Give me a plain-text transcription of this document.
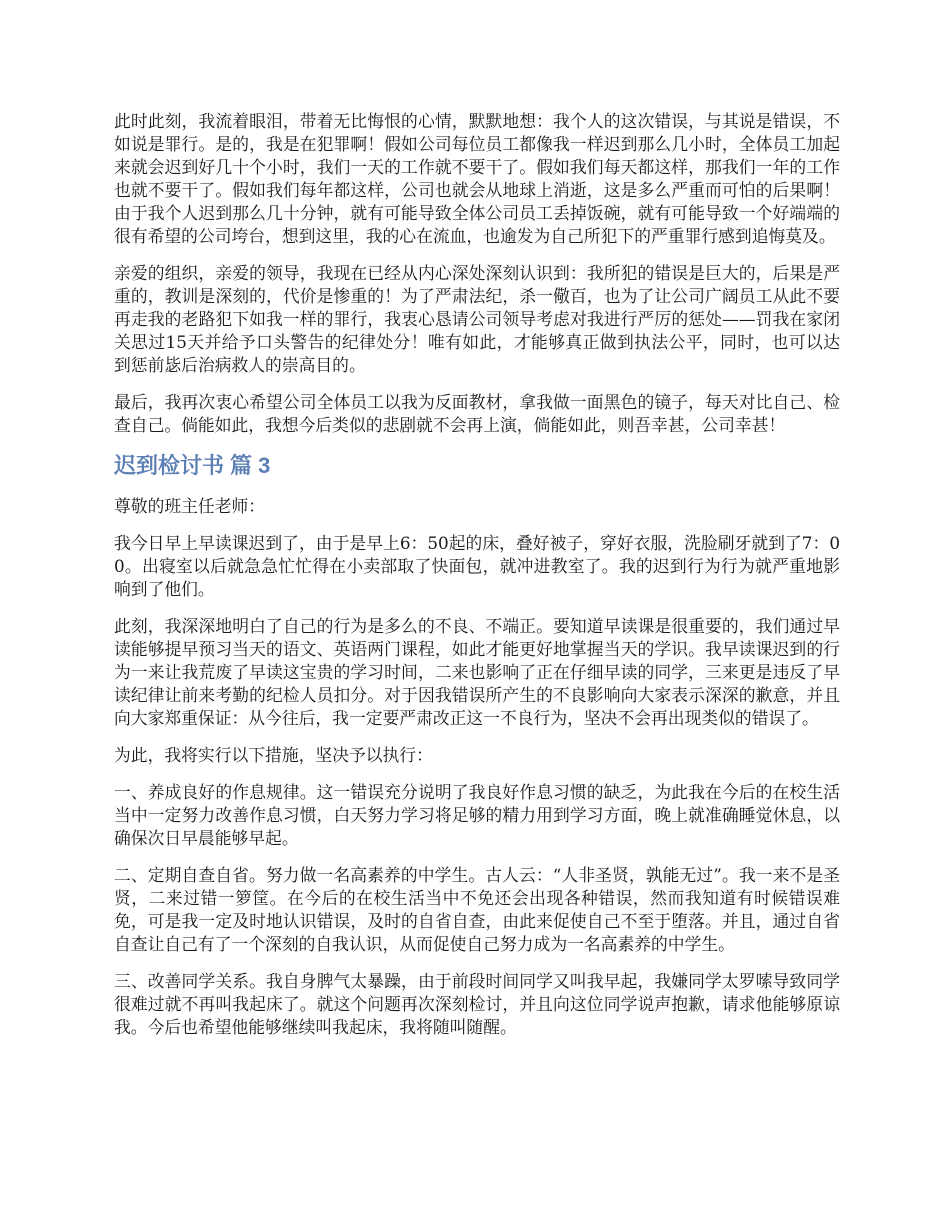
此时此刻，我流着眼泪，带着无比悔恨的心情，默默地想：我个人的这次错误，与其说是错误，不如说是罪行。是的，我是在犯罪啊！假如公司每位员工都像我一样迟到那么几小时，全体员工加起来就会迟到好几十个小时，我们一天的工作就不要干了。假如我们每天都这样，那我们一年的工作也就不要干了。假如我们每年都这样，公司也就会从地球上消逝，这是多么严重而可怕的后果啊！由于我个人迟到那么几十分钟，就有可能导致全体公司员工丢掉饭碗，就有可能导致一个好端端的很有希望的公司垮台，想到这里，我的心在流血，也逾发为自己所犯下的严重罪行感到追悔莫及。

亲爱的组织，亲爱的领导，我现在已经从内心深处深刻认识到：我所犯的错误是巨大的，后果是严重的，教训是深刻的，代价是惨重的！为了严肃法纪，杀一儆百，也为了让公司广阔员工从此不要再走我的老路犯下如我一样的罪行，我衷心恳请公司领导考虑对我进行严厉的惩处——罚我在家闭关思过15天并给予口头警告的纪律处分！唯有如此，才能够真正做到执法公平，同时，也可以达到惩前毖后治病救人的崇高目的。

最后，我再次衷心希望公司全体员工以我为反面教材，拿我做一面黑色的镜子，每天对比自己、检查自己。倘能如此，我想今后类似的悲剧就不会再上演，倘能如此，则吾幸甚，公司幸甚！

迟到检讨书 篇 3

尊敬的班主任老师：

我今日早上早读课迟到了，由于是早上6：50起的床，叠好被子，穿好衣服，洗脸刷牙就到了7：00。出寝室以后就急急忙忙得在小卖部取了快面包，就冲进教室了。我的迟到行为行为就严重地影响到了他们。

此刻，我深深地明白了自己的行为是多么的不良、不端正。要知道早读课是很重要的，我们通过早读能够提早预习当天的语文、英语两门课程，如此才能更好地掌握当天的学识。我早读课迟到的行为一来让我荒废了早读这宝贵的学习时间，二来也影响了正在仔细早读的同学，三来更是违反了早读纪律让前来考勤的纪检人员扣分。对于因我错误所产生的不良影响向大家表示深深的歉意，并且向大家郑重保证：从今往后，我一定要严肃改正这一不良行为，坚决不会再出现类似的错误了。

为此，我将实行以下措施，坚决予以执行：

一、养成良好的作息规律。这一错误充分说明了我良好作息习惯的缺乏，为此我在今后的在校生活当中一定努力改善作息习惯，白天努力学习将足够的精力用到学习方面，晚上就准确睡觉休息，以确保次日早晨能够早起。

二、定期自查自省。努力做一名高素养的中学生。古人云：“人非圣贤，孰能无过”。我一来不是圣贤，二来过错一箩筐。在今后的在校生活当中不免还会出现各种错误，然而我知道有时候错误难免，可是我一定及时地认识错误，及时的自省自查，由此来促使自己不至于堕落。并且，通过自省自查让自己有了一个深刻的自我认识，从而促使自己努力成为一名高素养的中学生。

三、改善同学关系。我自身脾气太暴躁，由于前段时间同学又叫我早起，我嫌同学太罗嗦导致同学很难过就不再叫我起床了。就这个问题再次深刻检讨，并且向这位同学说声抱歉，请求他能够原谅我。今后也希望他能够继续叫我起床，我将随叫随醒。
